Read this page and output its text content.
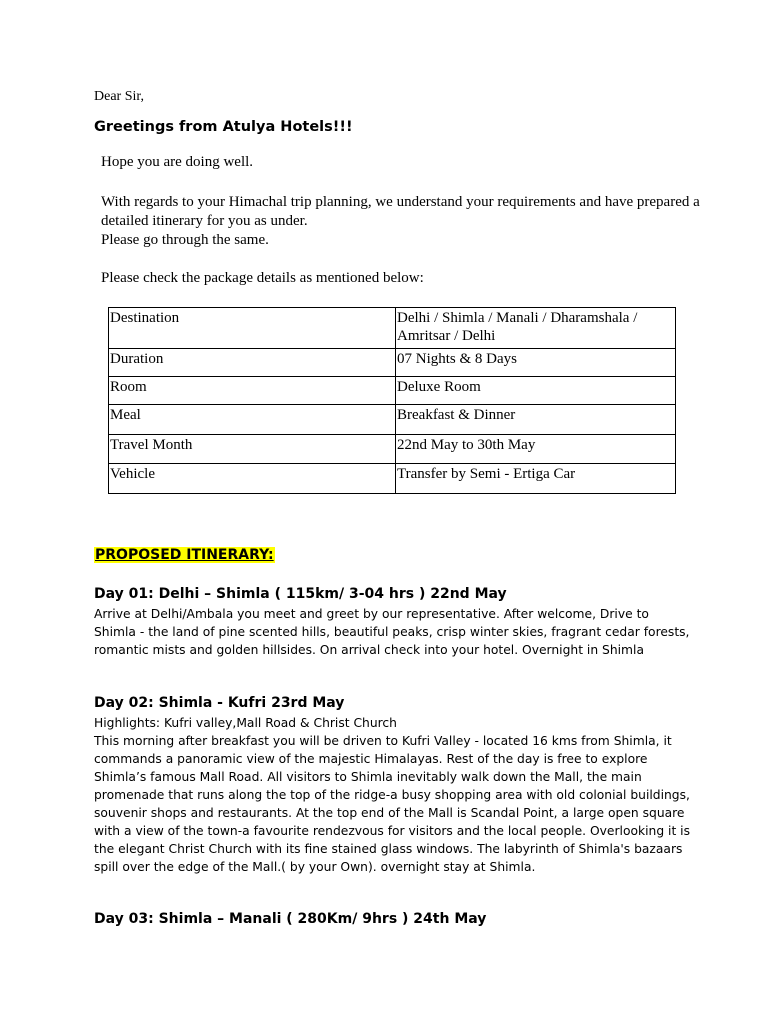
Dear Sir,
Greetings from Atulya Hotels!!!

Hope you are doing well.

With regards to your Himachal trip planning, we understand your requirements and have prepared a detailed itinerary for you as under.

Please go through the same.

Please check the package details as mentioned below:

Destination	Delhi / Shimla / Manali / Dharamshala / Amritsar / Delhi
Duration	07 Nights & 8 Days
Room	Deluxe Room
Meal	Breakfast & Dinner
Travel Month	22nd May to 30th May
Vehicle	Transfer by Semi - Ertiga Car
PROPOSED ITINERARY:
Day 01: Delhi – Shimla ( 115km/ 3-04 hrs ) 22nd May

Arrive at Delhi/Ambala you meet and greet by our representative. After welcome, Drive to Shimla - the land of pine scented hills, beautiful peaks, crisp winter skies, fragrant cedar forests, romantic mists and golden hillsides. On arrival check into your hotel. Overnight in Shimla

Day 02: Shimla - Kufri 23rd May

Highlights: Kufri valley,Mall Road & Christ Church

This morning after breakfast you will be driven to Kufri Valley - located 16 kms from Shimla, it commands a panoramic view of the majestic Himalayas. Rest of the day is free to explore Shimla’s famous Mall Road. All visitors to Shimla inevitably walk down the Mall, the main promenade that runs along the top of the ridge-a busy shopping area with old colonial buildings, souvenir shops and restaurants. At the top end of the Mall is Scandal Point, a large open square with a view of the town-a favourite rendezvous for visitors and the local people. Overlooking it is the elegant Christ Church with its fine stained glass windows. The labyrinth of Shimla's bazaars spill over the edge of the Mall.( by your Own). overnight stay at Shimla.

Day 03: Shimla – Manali ( 280Km/ 9hrs ) 24th May
